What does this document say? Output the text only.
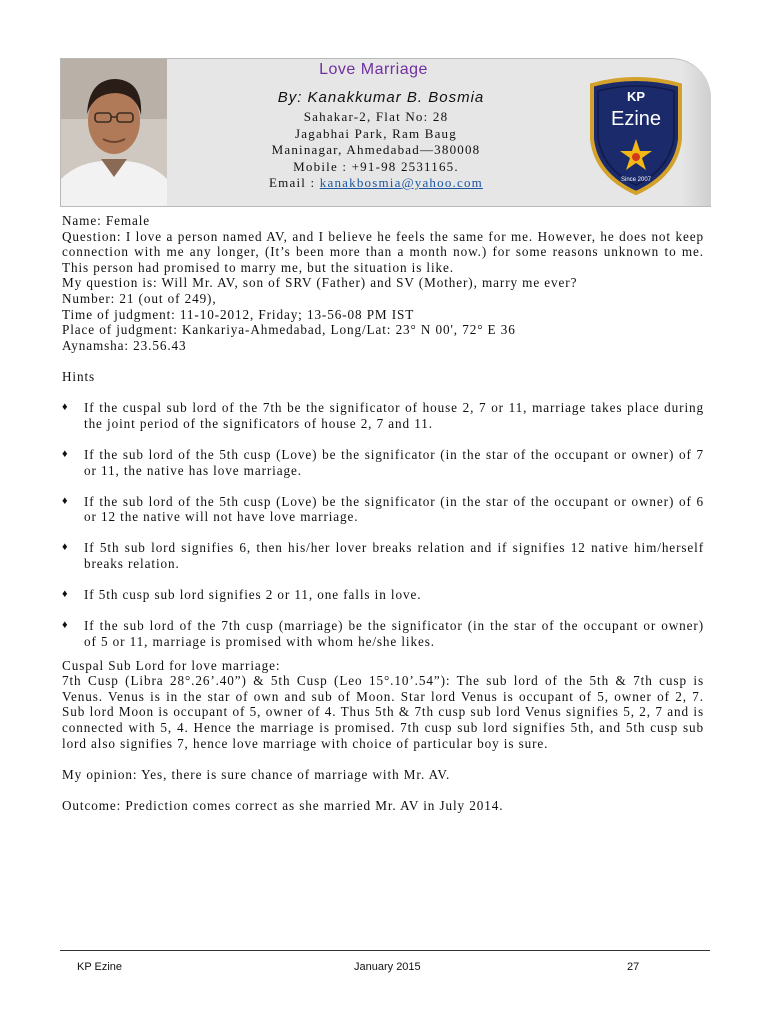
Love Marriage
By: Kanakkumar B. Bosmia
Sahakar-2, Flat No: 28
Jagabhai Park, Ram Baug
Maninagar, Ahmedabad—380008
Mobile : +91-98 2531165.
Email : kanakbosmia@yahoo.com
KP
Ezine
Since 2007

Name: Female

Question: I love a person named AV, and I believe he feels the same for me. However, he does not keep connection with me any longer, (It’s been more than a month now.) for some reasons unknown to me. This person had promised to marry me, but the situation is like.

My question is: Will Mr. AV, son of SRV (Father) and SV (Mother), marry me ever?

Number: 21 (out of 249),

Time of judgment: 11-10-2012, Friday; 13-56-08 PM IST

Place of judgment: Kankariya-Ahmedabad, Long/Lat: 23° N 00', 72° E 36

Aynamsha: 23.56.43

Hints

♦ If the cuspal sub lord of the 7th be the significator of house 2, 7 or 11, marriage takes place during the joint period of the significators of house 2, 7 and 11.
♦ If the sub lord of the 5th cusp (Love) be the significator (in the star of the occupant or owner) of 7 or 11, the native has love marriage.
♦ If the sub lord of the 5th cusp (Love) be the significator (in the star of the occupant or owner) of 6 or 12 the native will not have love marriage.
♦ If 5th sub lord signifies 6, then his/her lover breaks relation and if signifies 12 native him/herself breaks relation.
♦ If 5th cusp sub lord signifies 2 or 11, one falls in love.
♦ If the sub lord of the 7th cusp (marriage) be the significator (in the star of the occupant or owner) of 5 or 11, marriage is promised with whom he/she likes.

Cuspal Sub Lord for love marriage:

7th Cusp (Libra 28°.26’.40”) & 5th Cusp (Leo 15°.10’.54”): The sub lord of the 5th & 7th cusp is Venus. Venus is in the star of own and sub of Moon. Star lord Venus is occupant of 5, owner of 2, 7. Sub lord Moon is occupant of 5, owner of 4. Thus 5th & 7th cusp sub lord Venus signifies 5, 2, 7 and is connected with 5, 4. Hence the marriage is promised. 7th cusp sub lord signifies 5th, and 5th cusp sub lord also signifies 7, hence love marriage with choice of particular boy is sure.

My opinion: Yes, there is sure chance of marriage with Mr. AV.

Outcome: Prediction comes correct as she married Mr. AV in July 2014.

KP Ezine	January 2015	27
